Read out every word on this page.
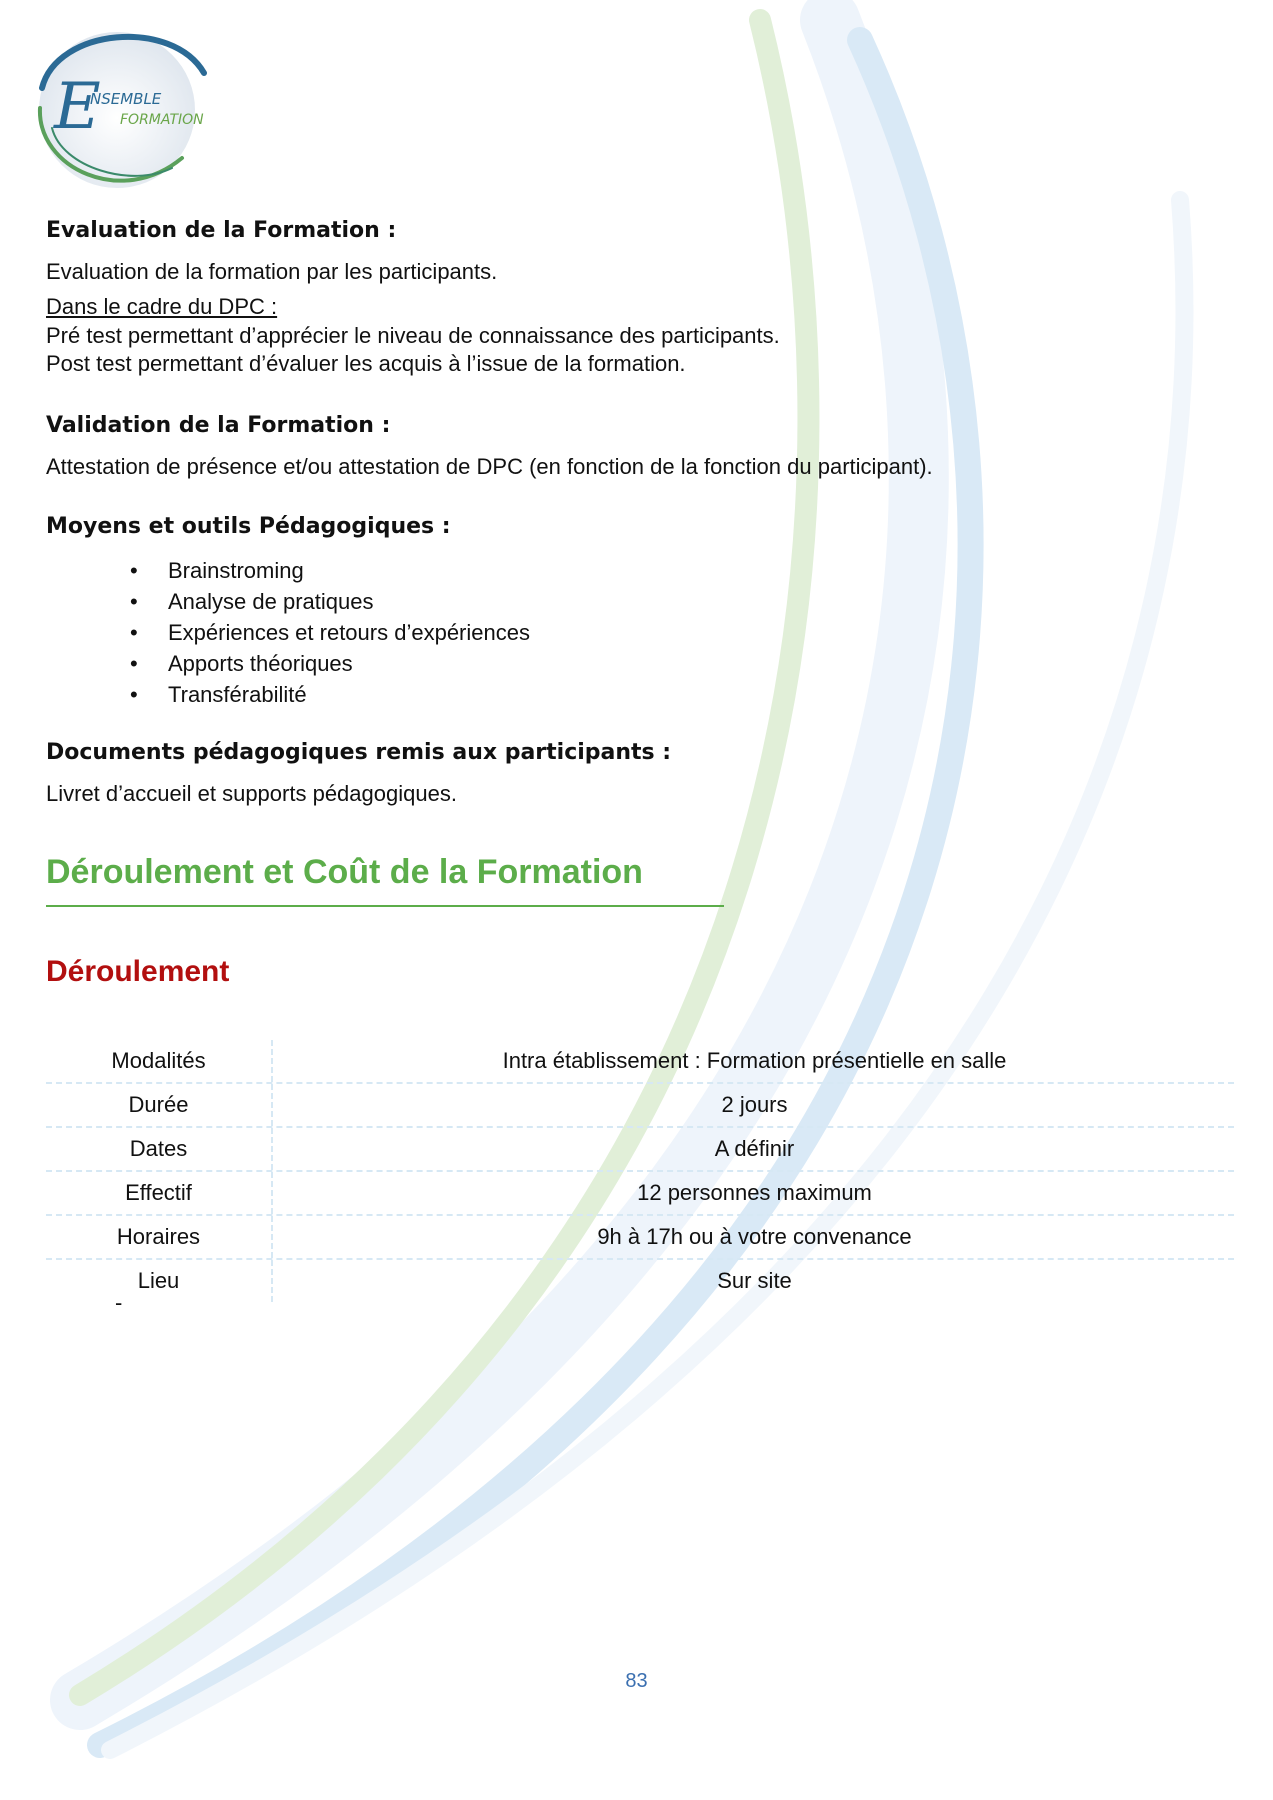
E
NSEMBLE
FORMATION
Evaluation de la Formation :

Evaluation de la formation par les participants.

Dans le cadre du DPC :

Pré test permettant d’apprécier le niveau de connaissance des participants.

Post test permettant d’évaluer les acquis à l’issue de la formation.

Validation de la Formation :

Attestation de présence et/ou attestation de DPC (en fonction de la fonction du participant).

Moyens et outils Pédagogiques :
• Brainstroming
• Analyse de pratiques
• Expériences et retours d’expériences
• Apports théoriques
• Transférabilité
Documents pédagogiques remis aux participants :

Livret d’accueil et supports pédagogiques.

Déroulement et Coût de la Formation
Déroulement
Modalités	Intra établissement : Formation présentielle en salle
Durée	2 jours
Dates	A définir
Effectif	12 personnes maximum
Horaires	9h à 17h ou à votre convenance
Lieu	Sur site

-

83
